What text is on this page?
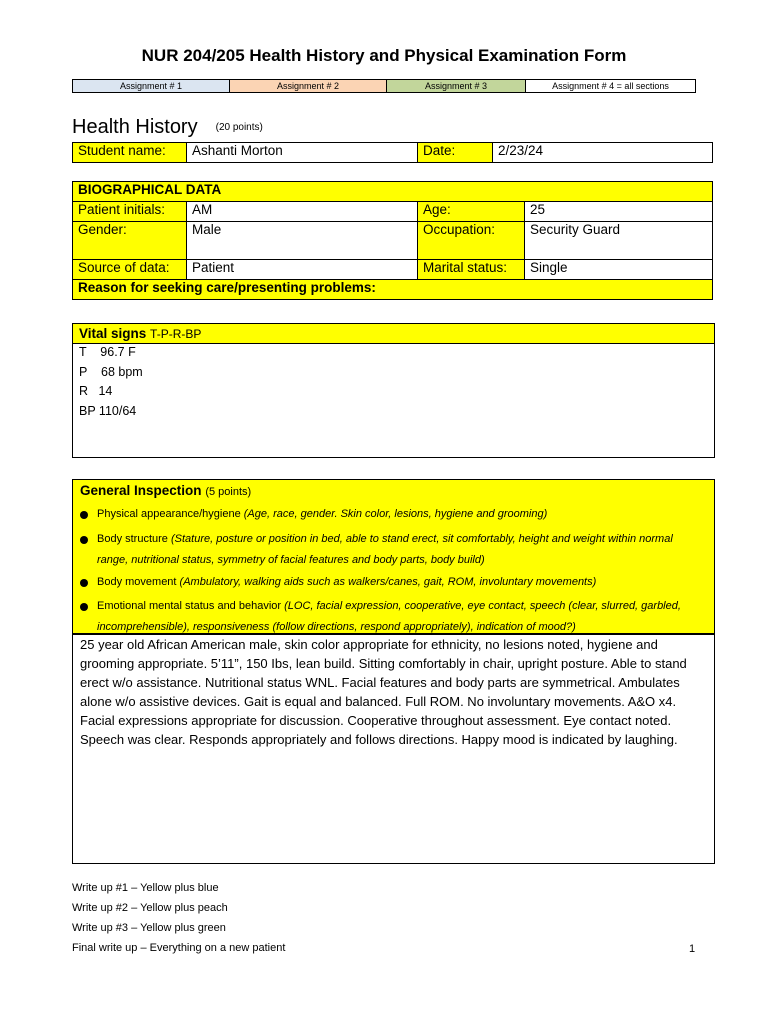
NUR 204/205 Health History and Physical Examination Form
Assignment # 1	Assignment # 2	Assignment # 3	Assignment # 4 = all sections
Health History (20 points)
Student name:	Ashanti Morton	Date:	2/23/24
BIOGRAPHICAL DATA			
Patient initials:	AM	Age:	25
Gender:	Male	Occupation:	Security Guard
Source of data:	Patient	Marital status:	Single
Reason for seeking care/presenting problems:			
Vital signs T-P-R-BP
T    96.7 F
P    68 bpm
R   14
BP 110/64
General Inspection (5 points)
Physical appearance/hygiene (Age, race, gender. Skin color, lesions, hygiene and grooming)
Body structure (Stature, posture or position in bed, able to stand erect, sit comfortably, height and weight within normal range, nutritional status, symmetry of facial features and body parts, body build)
Body movement (Ambulatory, walking aids such as walkers/canes, gait, ROM, involuntary movements)
Emotional mental status and behavior (LOC, facial expression, cooperative, eye contact, speech (clear, slurred, garbled, incomprehensible), responsiveness (follow directions, respond appropriately), indication of mood?)

25 year old African American male, skin color appropriate for ethnicity, no lesions noted, hygiene and grooming appropriate. 5’11”, 150 Ibs, lean build. Sitting comfortably in chair, upright posture. Able to stand erect w/o assistance. Nutritional status WNL. Facial features and body parts are symmetrical. Ambulates alone w/o assistive devices. Gait is equal and balanced. Full ROM. No involuntary movements. A&O x4. Facial expressions appropriate for discussion. Cooperative throughout assessment. Eye contact noted. Speech was clear. Responds appropriately and follows directions. Happy mood is indicated by laughing.

Write up #1 – Yellow plus blue
Write up #2 – Yellow plus peach
Write up #3 – Yellow plus green
Final write up – Everything on a new patient	1
